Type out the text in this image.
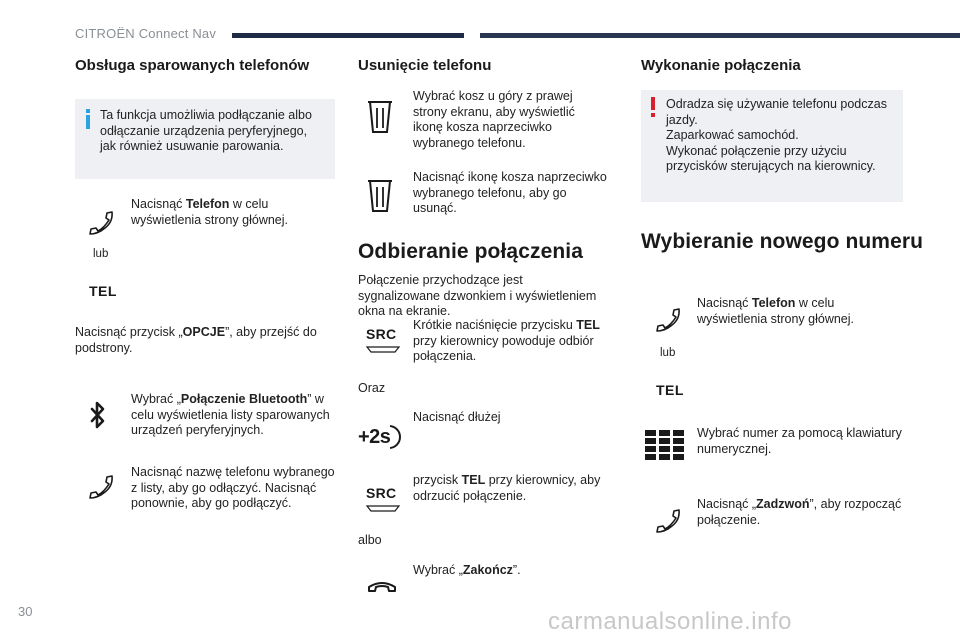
CITROËN Connect Nav
Obsługa sparowanych telefonów
Ta funkcja umożliwia podłączanie albo odłączanie urządzenia peryferyjnego, jak również usuwanie parowania.
Nacisnąć Telefon w celu wyświetlenia strony głównej.
lub
TEL
Nacisnąć przycisk „OPCJE”, aby przejść do podstrony.
Wybrać „Połączenie Bluetooth” w celu wyświetlenia listy sparowanych urządzeń peryferyjnych.
Nacisnąć nazwę telefonu wybranego z listy, aby go odłączyć. Nacisnąć ponownie, aby go podłączyć.
Usunięcie telefonu
Wybrać kosz u góry z prawej strony ekranu, aby wyświetlić ikonę kosza naprzeciwko wybranego telefonu.
Nacisnąć ikonę kosza naprzeciwko wybranego telefonu, aby go usunąć.
Odbieranie połączenia
Połączenie przychodzące jest sygnalizowane dzwonkiem i wyświetleniem okna na ekranie.
SRC
Krótkie naciśnięcie przycisku TEL przy kierownicy powoduje odbiór połączenia.
Oraz
+2s
Nacisnąć dłużej
SRC
przycisk TEL przy kierownicy, aby odrzucić połączenie.
albo
Wybrać „Zakończ”.
Wykonanie połączenia
Odradza się używanie telefonu podczas jazdy.
Zaparkować samochód.
Wykonać połączenie przy użyciu przycisków sterujących na kierownicy.
Wybieranie nowego numeru
Nacisnąć Telefon w celu wyświetlenia strony głównej.
lub
TEL
Wybrać numer za pomocą klawiatury numerycznej.
Nacisnąć „Zadzwoń”, aby rozpocząć połączenie.
30	carmanualsonline.info
